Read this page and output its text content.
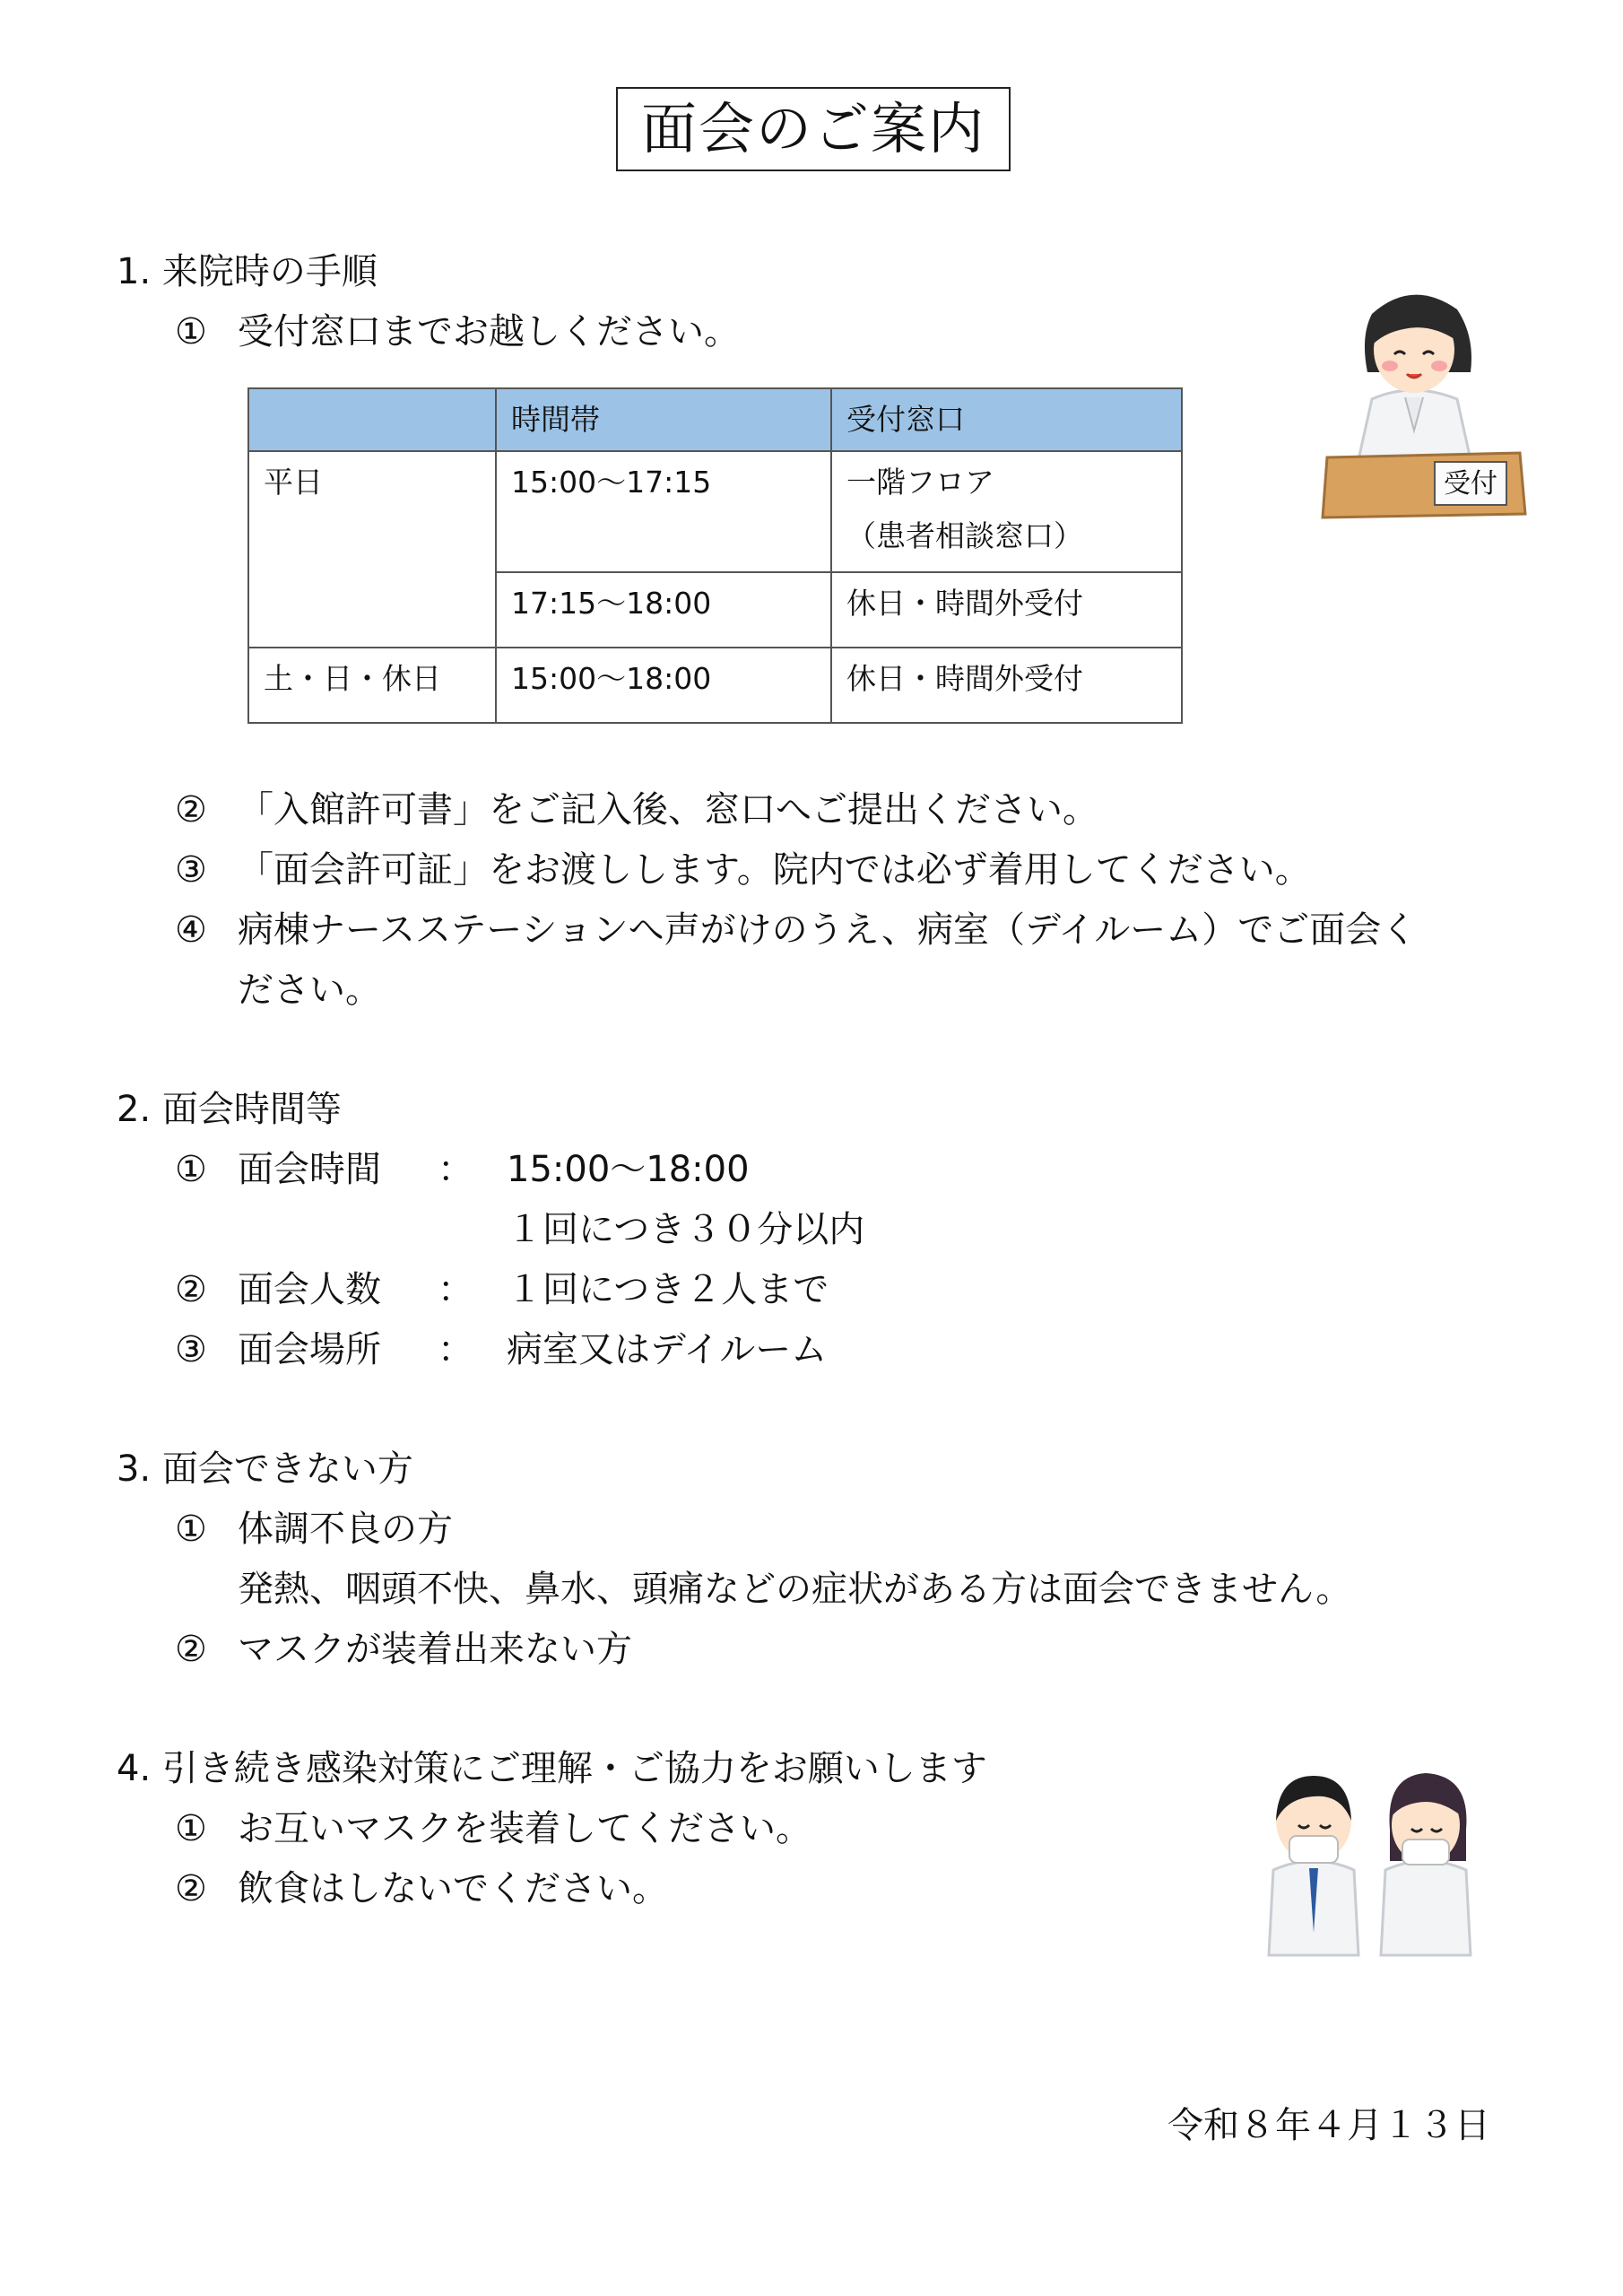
面会のご案内
1. 来院時の手順
① 受付窓口までお越しください。
	時間帯	受付窓口
平日	15:00～17:15	一階フロア
（患者相談窓口）

	17:15～18:00	休日・時間外受付
土・日・休日	15:00～18:00	休日・時間外受付
② 「入館許可書」をご記入後、窓口へご提出ください。
③ 「面会許可証」をお渡しします。院内では必ず着用してください。
④ 病棟ナースステーションへ声がけのうえ、病室（デイルーム）でご面会く
ださい。
2. 面会時間等
① 面会時間 ： 15:00～18:00
１回につき３０分以内
② 面会人数 ： １回につき２人まで
③ 面会場所 ： 病室又はデイルーム
3. 面会できない方
① 体調不良の方
発熱、咽頭不快、鼻水、頭痛などの症状がある方は面会できません。
② マスクが装着出来ない方
4. 引き続き感染対策にご理解・ご協力をお願いします
① お互いマスクを装着してください。
② 飲食はしないでください。
令和８年４月１３日
受付
